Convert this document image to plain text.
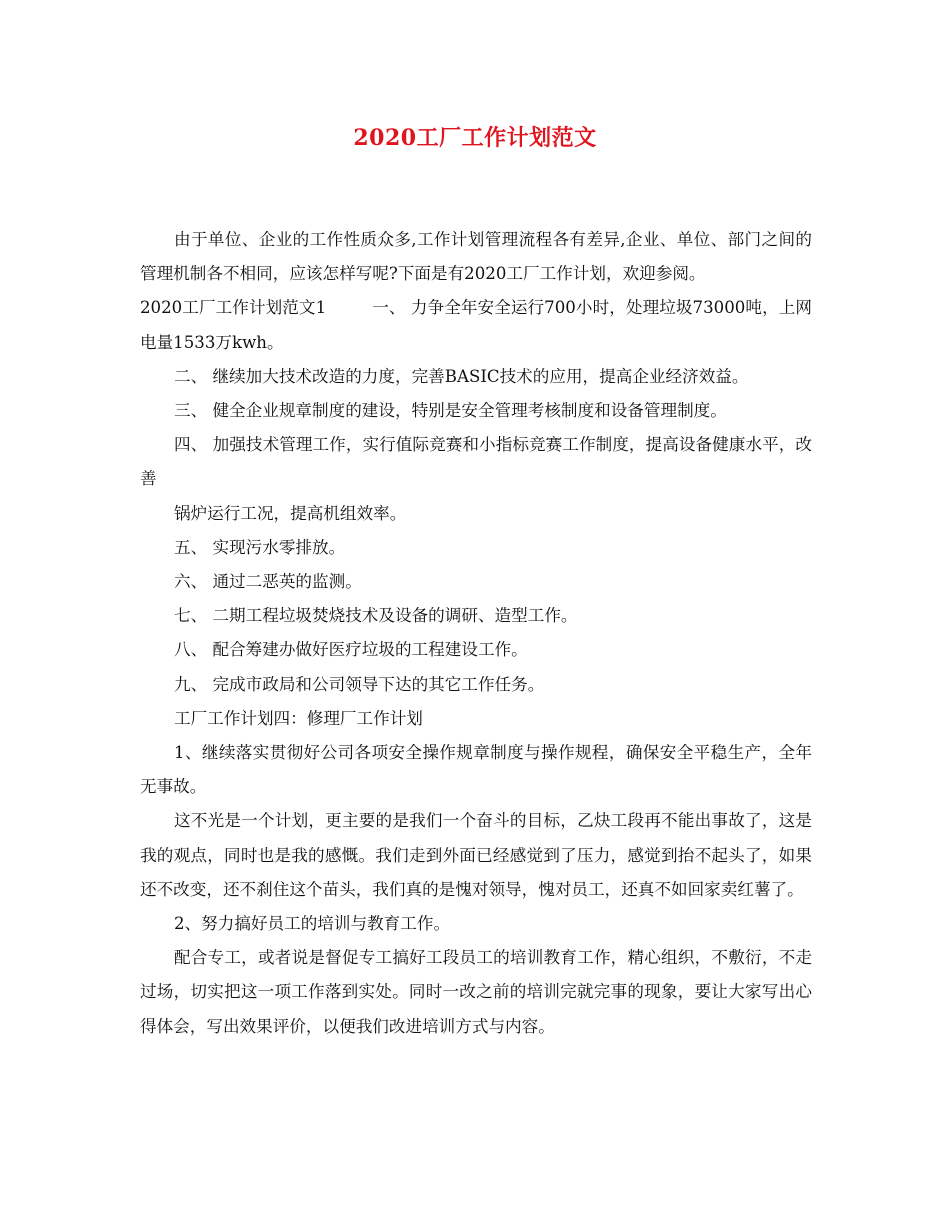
2020工厂工作计划范文

由于单位、企业的工作性质众多,工作计划管理流程各有差异,企业、单位、部门之间的管理机制各不相同，应该怎样写呢?下面是有2020工厂工作计划，欢迎参阅。

2020工厂工作计划范文1	一、 力争全年安全运行700小时，处理垃圾73000吨，上网电量1533万kwh。

二、 继续加大技术改造的力度，完善BASIC技术的应用，提高企业经济效益。

三、 健全企业规章制度的建设，特别是安全管理考核制度和设备管理制度。

四、 加强技术管理工作，实行值际竞赛和小指标竞赛工作制度，提高设备健康水平，改善

锅炉运行工况，提高机组效率。

五、 实现污水零排放。

六、 通过二恶英的监测。

七、 二期工程垃圾焚烧技术及设备的调研、造型工作。

八、 配合筹建办做好医疗垃圾的工程建设工作。

九、 完成市政局和公司领导下达的其它工作任务。

工厂工作计划四：修理厂工作计划

1、继续落实贯彻好公司各项安全操作规章制度与操作规程，确保安全平稳生产，全年无事故。

这不光是一个计划，更主要的是我们一个奋斗的目标，乙炔工段再不能出事故了，这是我的观点，同时也是我的感慨。我们走到外面已经感觉到了压力，感觉到抬不起头了，如果还不改变，还不刹住这个苗头，我们真的是愧对领导，愧对员工，还真不如回家卖红薯了。

2、努力搞好员工的培训与教育工作。

配合专工，或者说是督促专工搞好工段员工的培训教育工作，精心组织，不敷衍，不走过场，切实把这一项工作落到实处。同时一改之前的培训完就完事的现象，要让大家写出心得体会，写出效果评价，以便我们改进培训方式与内容。
